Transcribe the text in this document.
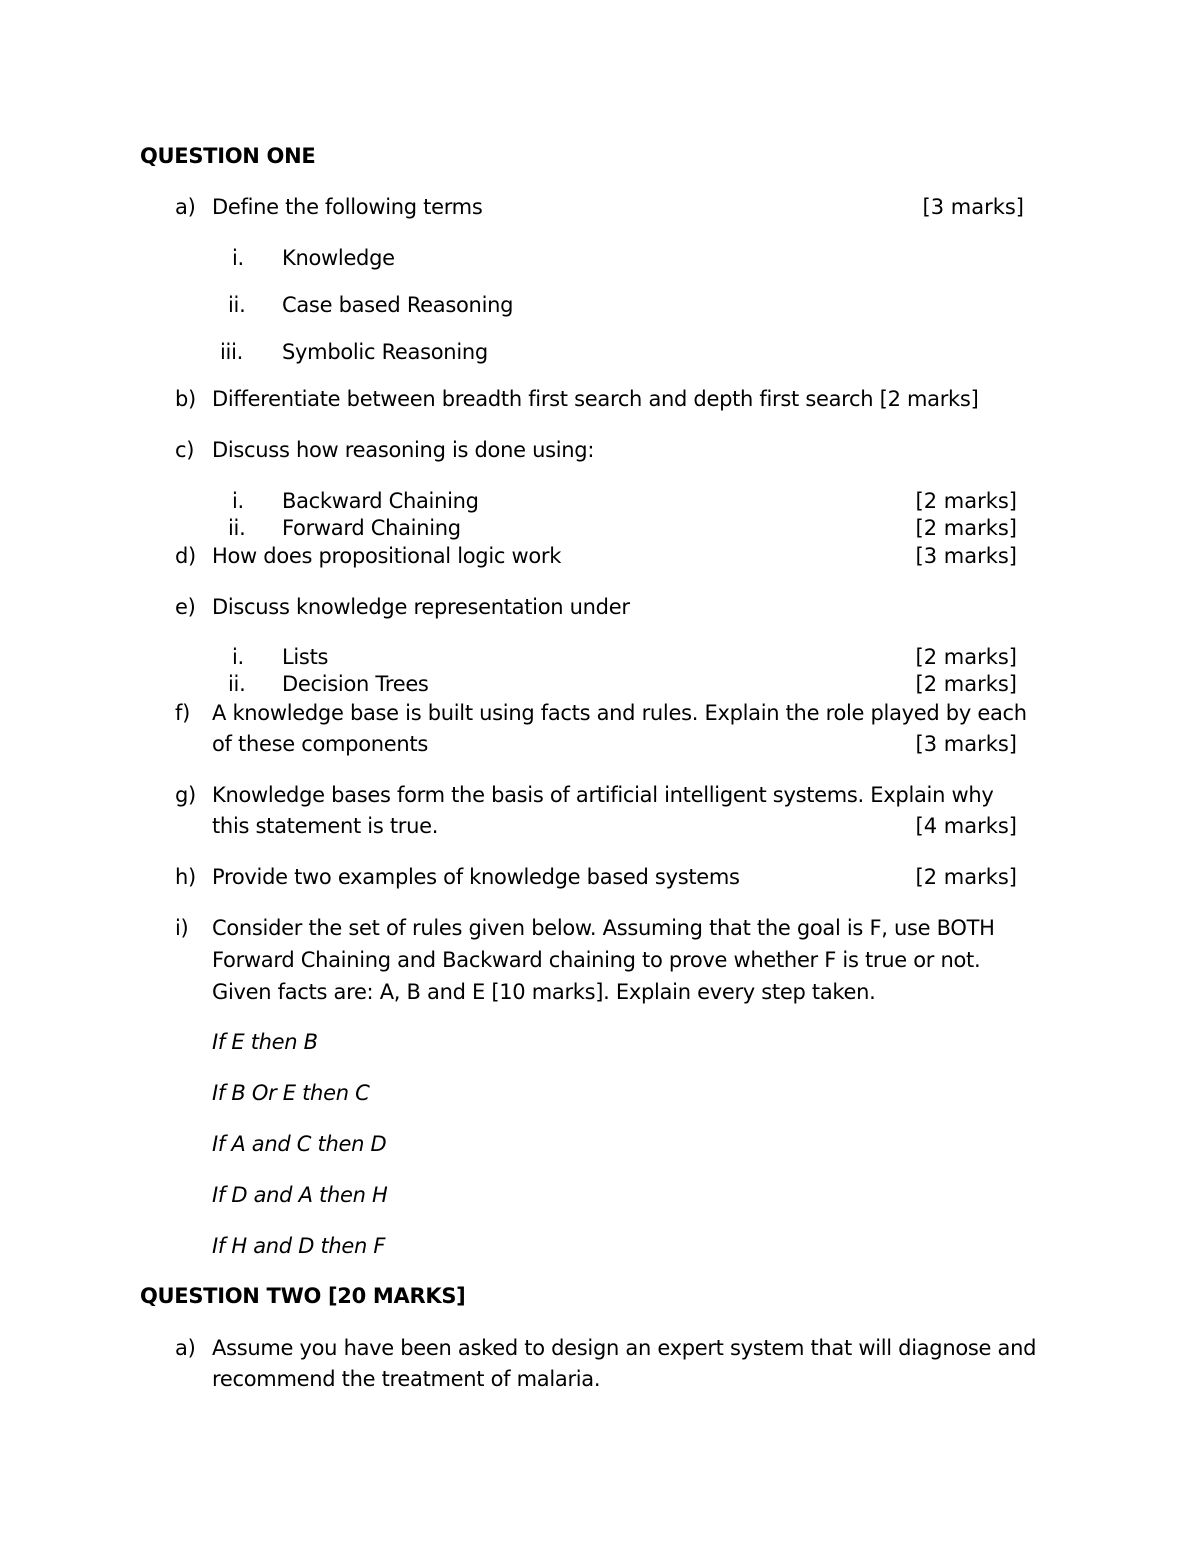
QUESTION ONE
a) Define the following terms	[3 marks]
i. Knowledge
ii. Case based Reasoning
iii. Symbolic Reasoning
b) Differentiate between breadth first search and depth first search [2 marks]
c) Discuss how reasoning is done using:
i. Backward Chaining	[2 marks]
ii. Forward Chaining	[2 marks]
d) How does propositional logic work	[3 marks]
e) Discuss knowledge representation under
i. Lists	[2 marks]
ii. Decision Trees	[2 marks]
f) A knowledge base is built using facts and rules. Explain the role played by each
of these components	[3 marks]
g) Knowledge bases form the basis of artificial intelligent systems. Explain why
this statement is true.	[4 marks]
h) Provide two examples of knowledge based systems	[2 marks]
i) Consider the set of rules given below. Assuming that the goal is F, use BOTH
Forward Chaining and Backward chaining to prove whether F is true or not.
Given facts are: A, B and E [10 marks]. Explain every step taken.
If E then B
If B Or E then C
If A and C then D
If D and A then H
If H and D then F
QUESTION TWO [20 MARKS]
a) Assume you have been asked to design an expert system that will diagnose and
recommend the treatment of malaria.
